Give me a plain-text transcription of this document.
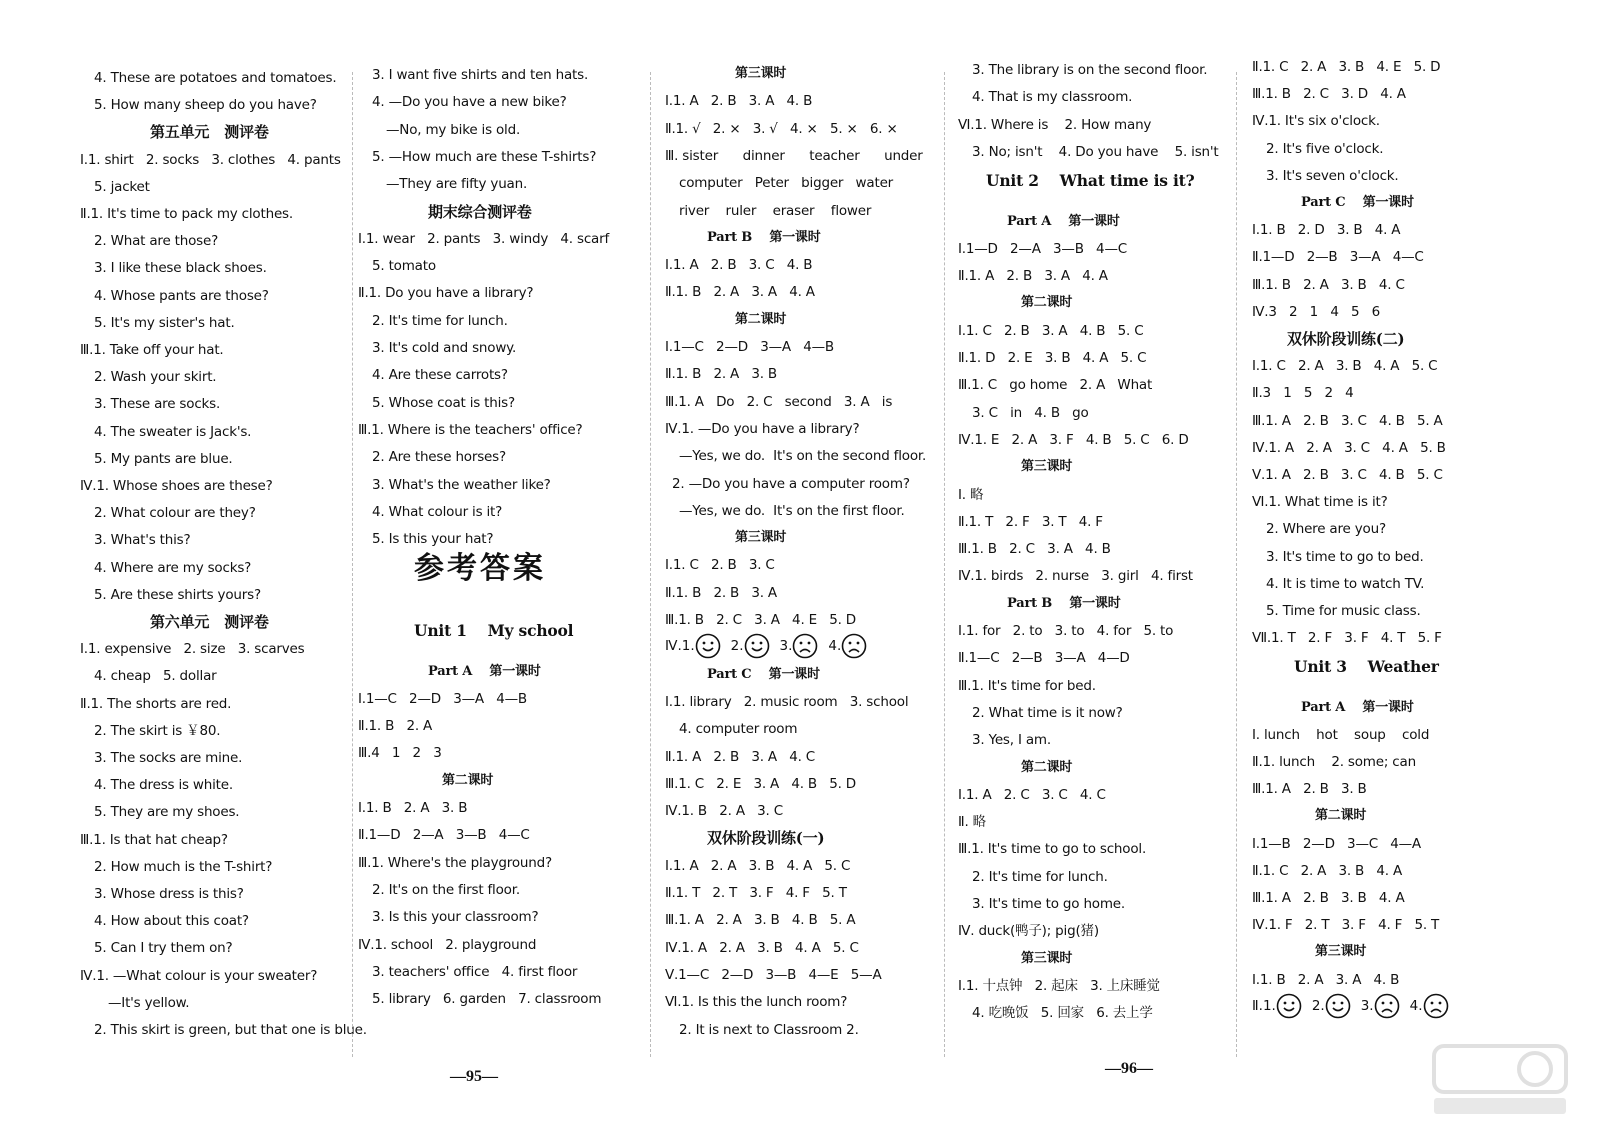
4. These are potatoes and tomatoes.
5. How many sheep do you have?
第五单元   测评卷
Ⅰ.1. shirt   2. socks   3. clothes   4. pants
5. jacket
Ⅱ.1. It's time to pack my clothes.
2. What are those?
3. I like these black shoes.
4. Whose pants are those?
5. It's my sister's hat.
Ⅲ.1. Take off your hat.
2. Wash your skirt.
3. These are socks.
4. The sweater is Jack's.
5. My pants are blue.
Ⅳ.1. Whose shoes are these?
2. What colour are they?
3. What's this?
4. Where are my socks?
5. Are these shirts yours?
第六单元   测评卷
Ⅰ.1. expensive   2. size   3. scarves
4. cheap   5. dollar
Ⅱ.1. The shorts are red.
2. The skirt is ￥80.
3. The socks are mine.
4. The dress is white.
5. They are my shoes.
Ⅲ.1. Is that hat cheap?
2. How much is the T-shirt?
3. Whose dress is this?
4. How about this coat?
5. Can I try them on?
Ⅳ.1. —What colour is your sweater?
—It's yellow.
2. This skirt is green, but that one is blue.
3. I want five shirts and ten hats.
4. —Do you have a new bike?
—No, my bike is old.
5. —How much are these T-shirts?
—They are fifty yuan.
期末综合测评卷
Ⅰ.1. wear   2. pants   3. windy   4. scarf
5. tomato
Ⅱ.1. Do you have a library?
2. It's time for lunch.
3. It's cold and snowy.
4. Are these carrots?
5. Whose coat is this?
Ⅲ.1. Where is the teachers' office?
2. Are these horses?
3. What's the weather like?
4. What colour is it?
5. Is this your hat?
参考答案
Unit 1    My school
Part A    第一课时
Ⅰ.1—C   2—D   3—A   4—B
Ⅱ.1. B   2. A
Ⅲ.4   1   2   3
第二课时
Ⅰ.1. B   2. A   3. B
Ⅱ.1—D   2—A   3—B   4—C
Ⅲ.1. Where's the playground?
2. It's on the first floor.
3. Is this your classroom?
Ⅳ.1. school   2. playground
3. teachers' office   4. first floor
5. library   6. garden   7. classroom
第三课时
Ⅰ.1. A   2. B   3. A   4. B
Ⅱ.1. √   2. ×   3. √   4. ×   5. ×   6. ×
Ⅲ. sister      dinner      teacher      under
computer   Peter   bigger   water
river    ruler    eraser    flower
Part B    第一课时
Ⅰ.1. A   2. B   3. C   4. B
Ⅱ.1. B   2. A   3. A   4. A
第二课时
Ⅰ.1—C   2—D   3—A   4—B
Ⅱ.1. B   2. A   3. B
Ⅲ.1. A   Do   2. C   second   3. A   is
Ⅳ.1. —Do you have a library?
—Yes, we do.  It's on the second floor.
2. —Do you have a computer room?
—Yes, we do.  It's on the first floor.
第三课时
Ⅰ.1. C   2. B   3. C
Ⅱ.1. B   2. B   3. A
Ⅲ.1. B   2. C   3. A   4. E   5. D
Ⅳ.1.	2.	3.	4.
Part C    第一课时
Ⅰ.1. library   2. music room   3. school
4. computer room
Ⅱ.1. A   2. B   3. A   4. C
Ⅲ.1. C   2. E   3. A   4. B   5. D
Ⅳ.1. B   2. A   3. C
双休阶段训练(一)
Ⅰ.1. A   2. A   3. B   4. A   5. C
Ⅱ.1. T   2. T   3. F   4. F   5. T
Ⅲ.1. A   2. A   3. B   4. B   5. A
Ⅳ.1. A   2. A   3. B   4. A   5. C
Ⅴ.1—C   2—D   3—B   4—E   5—A
Ⅵ.1. Is this the lunch room?
2. It is next to Classroom 2.
3. The library is on the second floor.
4. That is my classroom.
Ⅵ.1. Where is    2. How many
3. No; isn't    4. Do you have    5. isn't
Unit 2    What time is it?
Part A    第一课时
Ⅰ.1—D   2—A   3—B   4—C
Ⅱ.1. A   2. B   3. A   4. A
第二课时
Ⅰ.1. C   2. B   3. A   4. B   5. C
Ⅱ.1. D   2. E   3. B   4. A   5. C
Ⅲ.1. C   go home   2. A   What
3. C   in   4. B   go
Ⅳ.1. E   2. A   3. F   4. B   5. C   6. D
第三课时
Ⅰ. 略
Ⅱ.1. T   2. F   3. T   4. F
Ⅲ.1. B   2. C   3. A   4. B
Ⅳ.1. birds   2. nurse   3. girl   4. first
Part B    第一课时
Ⅰ.1. for   2. to   3. to   4. for   5. to
Ⅱ.1—C   2—B   3—A   4—D
Ⅲ.1. It's time for bed.
2. What time is it now?
3. Yes, I am.
第二课时
Ⅰ.1. A   2. C   3. C   4. C
Ⅱ. 略
Ⅲ.1. It's time to go to school.
2. It's time for lunch.
3. It's time to go home.
Ⅳ. duck(鸭子); pig(猪)
第三课时
Ⅰ.1. 十点钟   2. 起床   3. 上床睡觉
4. 吃晚饭   5. 回家   6. 去上学
Ⅱ.1. C   2. A   3. B   4. E   5. D
Ⅲ.1. B   2. C   3. D   4. A
Ⅳ.1. It's six o'clock.
2. It's five o'clock.
3. It's seven o'clock.
Part C    第一课时
Ⅰ.1. B   2. D   3. B   4. A
Ⅱ.1—D   2—B   3—A   4—C
Ⅲ.1. B   2. A   3. B   4. C
Ⅳ.3   2   1   4   5   6
双休阶段训练(二)
Ⅰ.1. C   2. A   3. B   4. A   5. C
Ⅱ.3   1   5   2   4
Ⅲ.1. A   2. B   3. C   4. B   5. A
Ⅳ.1. A   2. A   3. C   4. A   5. B
Ⅴ.1. A   2. B   3. C   4. B   5. C
Ⅵ.1. What time is it?
2. Where are you?
3. It's time to go to bed.
4. It is time to watch TV.
5. Time for music class.
Ⅶ.1. T   2. F   3. F   4. T   5. F
Unit 3    Weather
Part A    第一课时
Ⅰ. lunch    hot    soup    cold
Ⅱ.1. lunch    2. some; can
Ⅲ.1. A   2. B   3. B
第二课时
Ⅰ.1—B   2—D   3—C   4—A
Ⅱ.1. C   2. A   3. B   4. A
Ⅲ.1. A   2. B   3. B   4. A
Ⅳ.1. F   2. T   3. F   4. F   5. T
第三课时
Ⅰ.1. B   2. A   3. A   4. B
Ⅱ.1.	2.	3.	4.
—95—	—96—
